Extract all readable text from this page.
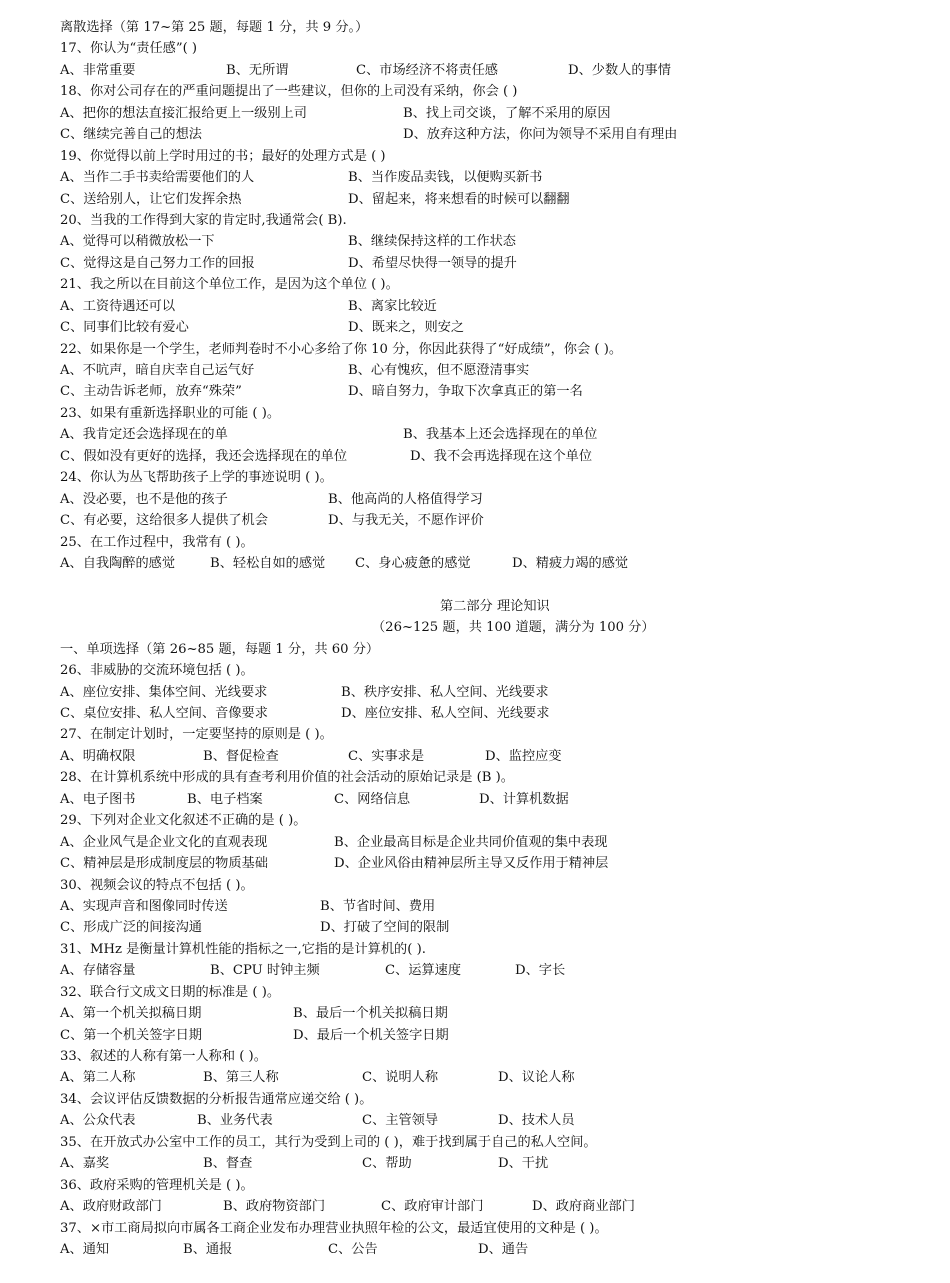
离散选择（第 17~第 25 题，每题 1 分，共 9 分。）
17、你认为“责任感”( )
A、非常重要	B、无所谓	C、市场经济不将责任感	D、少数人的事情
18、你对公司存在的严重问题提出了一些建议，但你的上司没有采纳，你会 ( )
A、把你的想法直接汇报给更上一级别上司	B、找上司交谈，了解不采用的原因
C、继续完善自己的想法	D、放弃这种方法，你问为领导不采用自有理由
19、你觉得以前上学时用过的书；最好的处理方式是 ( )
A、当作二手书卖给需要他们的人	B、当作废品卖钱，以便购买新书
C、送给别人，让它们发挥余热	D、留起来，将来想看的时候可以翻翻
20、当我的工作得到大家的肯定时,我通常会( B).
A、觉得可以稍微放松一下	B、继续保持这样的工作状态
C、觉得这是自己努力工作的回报	D、希望尽快得一领导的提升
21、我之所以在目前这个单位工作，是因为这个单位 ( )。
A、工资待遇还可以	B、离家比较近
C、同事们比较有爱心	D、既来之，则安之
22、如果你是一个学生，老师判卷时不小心多给了你 10 分，你因此获得了“好成绩”，你会 ( )。
A、不吭声，暗自庆幸自己运气好	B、心有愧疚，但不愿澄清事实
C、主动告诉老师，放弃“殊荣”	D、暗自努力，争取下次拿真正的第一名
23、如果有重新选择职业的可能 ( )。
A、我肯定还会选择现在的单	B、我基本上还会选择现在的单位
C、假如没有更好的选择，我还会选择现在的单位	D、我不会再选择现在这个单位
24、你认为丛飞帮助孩子上学的事迹说明 ( )。
A、没必要，也不是他的孩子	B、他高尚的人格值得学习
C、有必要，这给很多人提供了机会	D、与我无关，不愿作评价
25、在工作过程中，我常有 ( )。
A、自我陶醉的感觉	B、轻松自如的感觉 C、身心疲惫的感觉	D、精疲力竭的感觉
第二部分 理论知识
（26~125 题，共 100 道题，满分为 100 分）
一、单项选择（第 26~85 题，每题 1 分，共 60 分）
26、非威胁的交流环境包括 ( )。
A、座位安排、集体空间、光线要求	B、秩序安排、私人空间、光线要求
C、桌位安排、私人空间、音像要求	D、座位安排、私人空间、光线要求
27、在制定计划时，一定要坚持的原则是 ( )。
A、明确权限	B、督促检查	C、实事求是	D、监控应变
28、在计算机系统中形成的具有查考利用价值的社会活动的原始记录是 (B )。
A、电子图书	B、电子档案	C、网络信息	D、计算机数据
29、下列对企业文化叙述不正确的是 ( )。
A、企业风气是企业文化的直观表现	B、企业最高目标是企业共同价值观的集中表现
C、精神层是形成制度层的物质基础	D、企业风俗由精神层所主导又反作用于精神层
30、视频会议的特点不包括 ( )。
A、实现声音和图像同时传送	B、节省时间、费用
C、形成广泛的间接沟通	D、打破了空间的限制
31、MHz 是衡量计算机性能的指标之一,它指的是计算机的( ).
A、存储容量	B、CPU 时钟主频	C、运算速度	D、字长
32、联合行文成文日期的标准是 ( )。
A、第一个机关拟稿日期	B、最后一个机关拟稿日期
C、第一个机关签字日期	D、最后一个机关签字日期
33、叙述的人称有第一人称和 ( )。
A、第二人称	B、第三人称	C、说明人称	D、议论人称
34、会议评估反馈数据的分析报告通常应递交给 ( )。
A、公众代表	B、业务代表	C、主管领导	D、技术人员
35、在开放式办公室中工作的员工，其行为受到上司的 ( )，难于找到属于自己的私人空间。
A、嘉奖	B、督查	C、帮助	D、干扰
36、政府采购的管理机关是 ( )。
A、政府财政部门	B、政府物资部门	C、政府审计部门	D、政府商业部门
37、×市工商局拟向市属各工商企业发布办理营业执照年检的公文，最适宜使用的文种是 ( )。
A、通知	B、通报	C、公告	D、通告
